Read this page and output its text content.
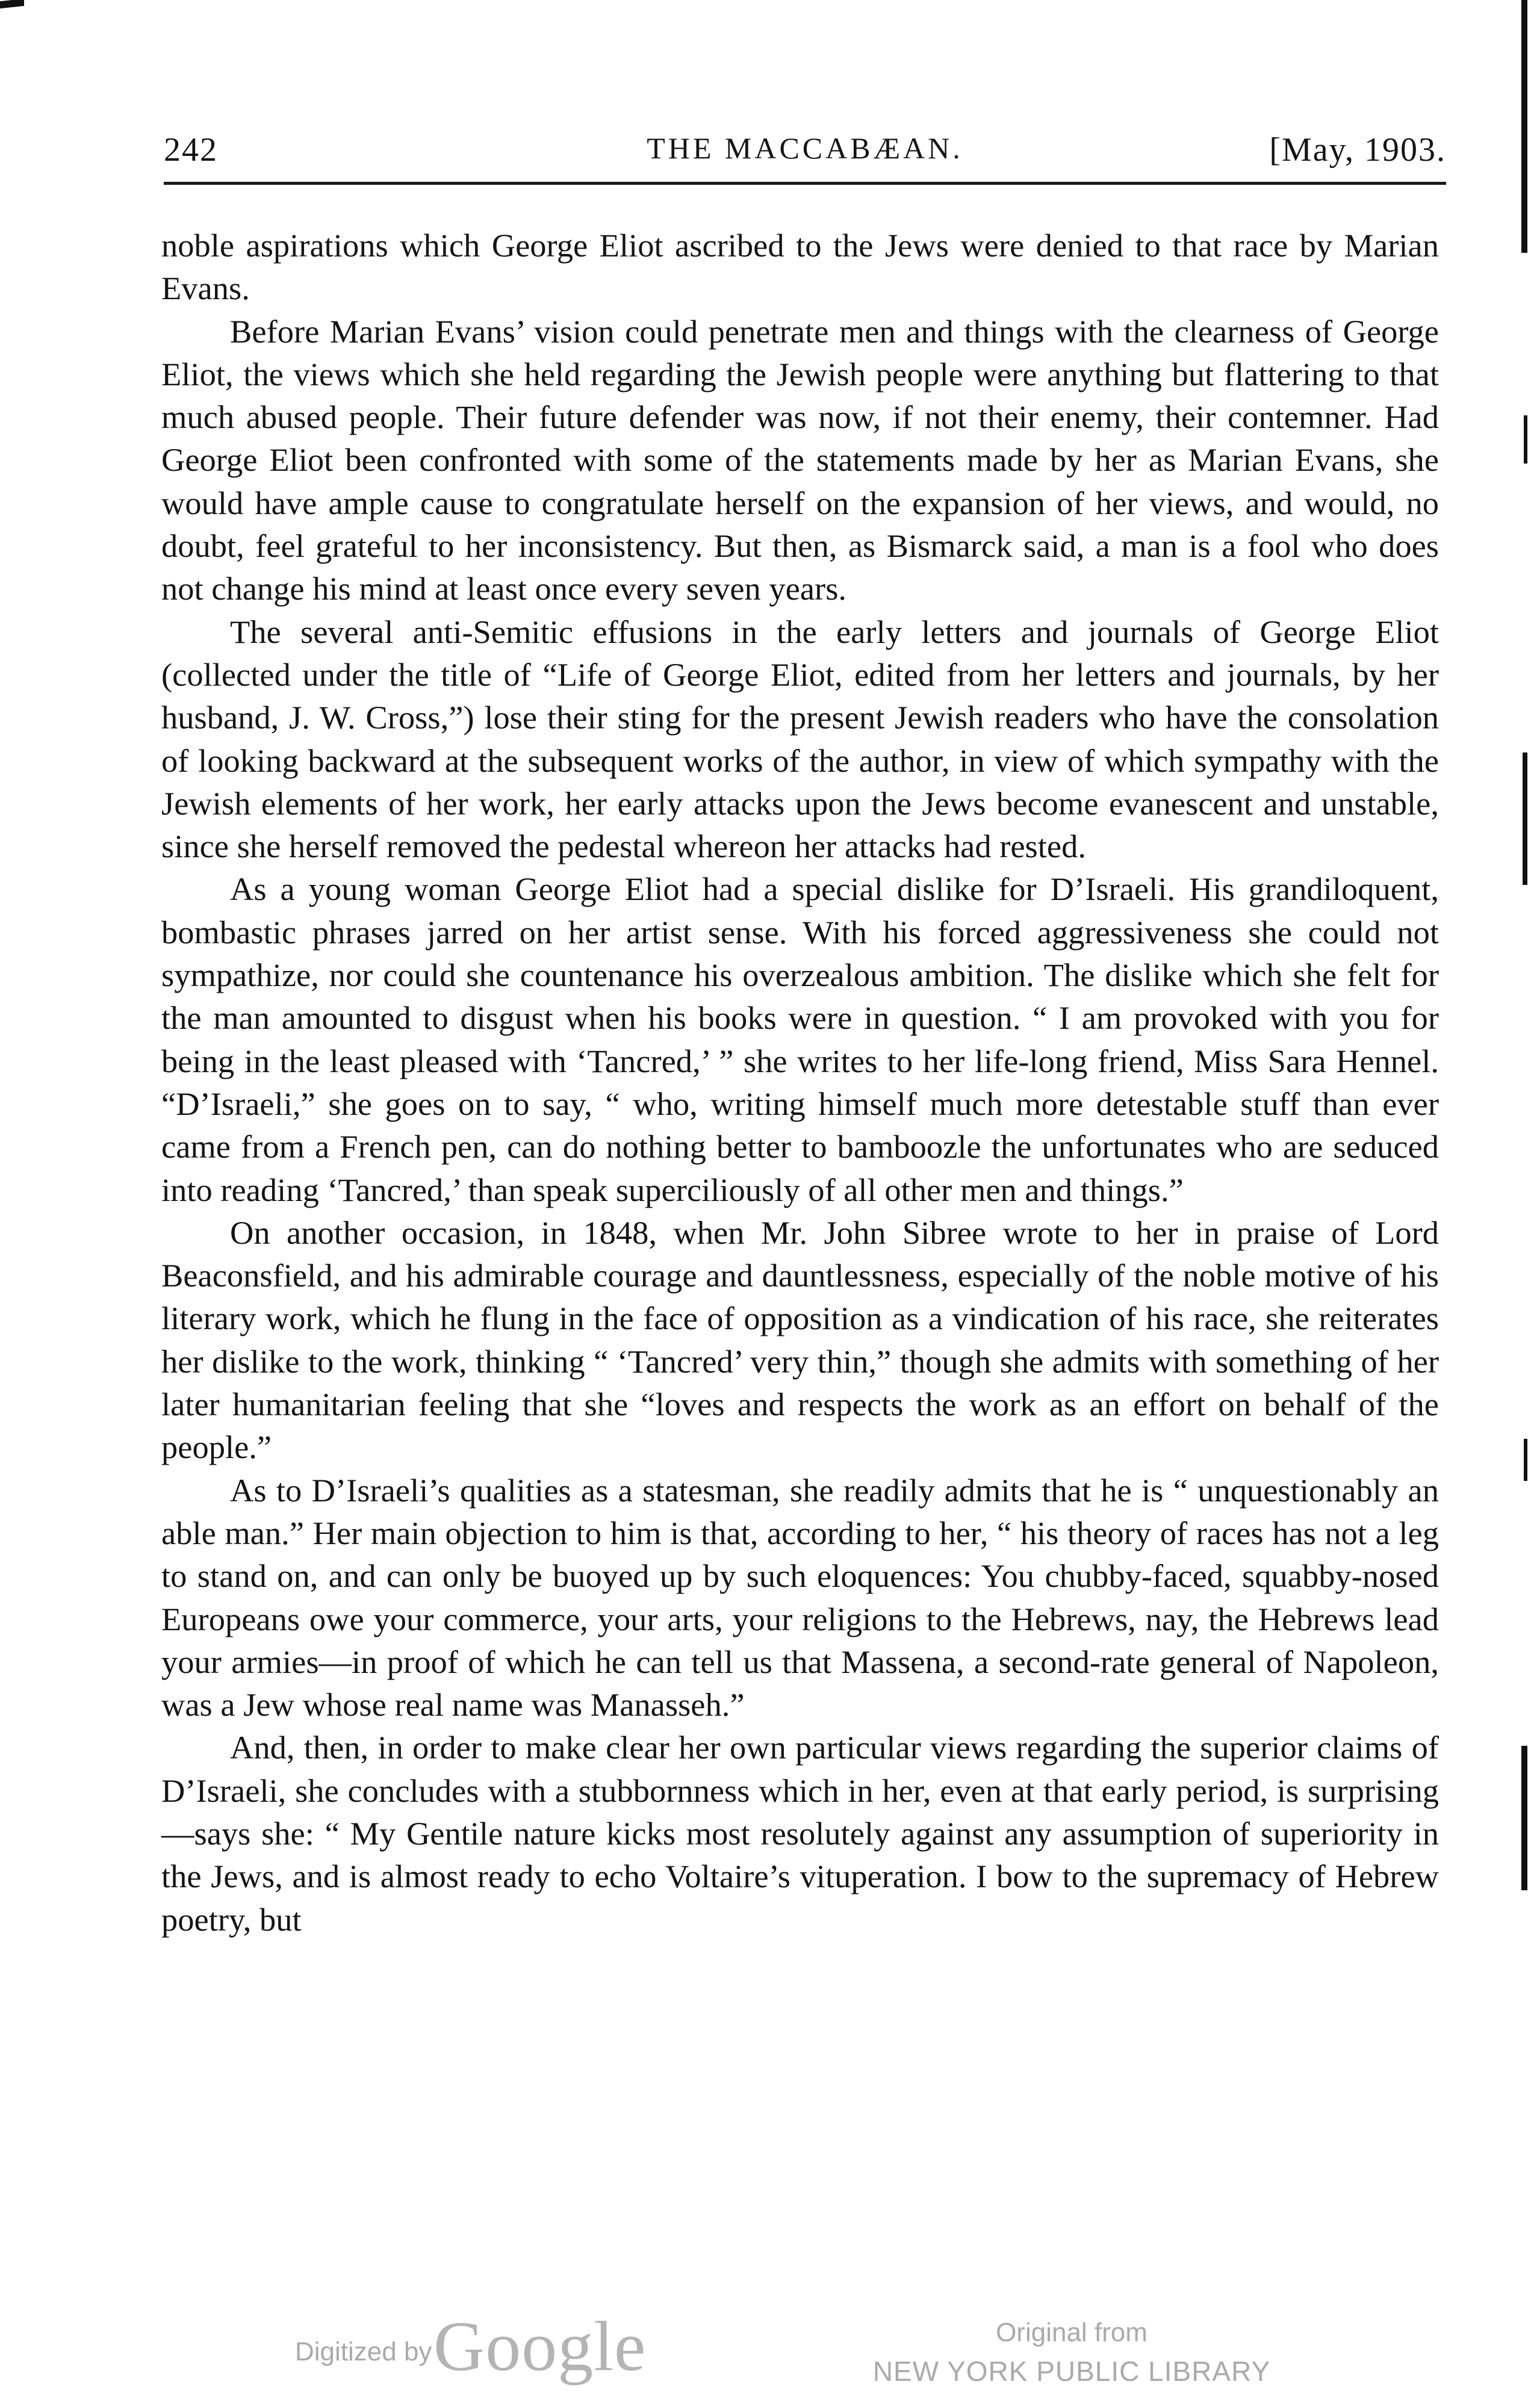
242	THE MACCABÆAN.	[May, 1903.

noble aspirations which George Eliot ascribed to the Jews were denied to that race by Marian Evans.

Before Marian Evans’ vision could penetrate men and things with the clearness of George Eliot, the views which she held regarding the Jewish people were anything but flattering to that much abused people. Their future defender was now, if not their enemy, their contemner. Had George Eliot been confronted with some of the statements made by her as Marian Evans, she would have ample cause to congratulate herself on the expansion of her views, and would, no doubt, feel grateful to her inconsistency. But then, as Bismarck said, a man is a fool who does not change his mind at least once every seven years.

The several anti-Semitic effusions in the early letters and journals of George Eliot (collected under the title of “Life of George Eliot, edited from her letters and journals, by her husband, J. W. Cross,”) lose their sting for the present Jewish readers who have the consolation of looking backward at the subsequent works of the author, in view of which sympathy with the Jewish elements of her work, her early attacks upon the Jews become evanescent and unstable, since she herself removed the pedestal whereon her attacks had rested.

As a young woman George Eliot had a special dislike for D’Israeli. His grandiloquent, bombastic phrases jarred on her artist sense. With his forced aggressiveness she could not sympathize, nor could she countenance his overzealous ambition. The dislike which she felt for the man amounted to disgust when his books were in question. “ I am provoked with you for being in the least pleased with ‘Tancred,’ ” she writes to her life-long friend, Miss Sara Hennel. “D’Israeli,” she goes on to say, “ who, writing himself much more detestable stuff than ever came from a French pen, can do nothing better to bamboozle the unfortunates who are seduced into reading ‘Tancred,’ than speak superciliously of all other men and things.”

On another occasion, in 1848, when Mr. John Sibree wrote to her in praise of Lord Beaconsfield, and his admirable courage and dauntlessness, especially of the noble motive of his literary work, which he flung in the face of opposition as a vindication of his race, she reiterates her dislike to the work, thinking “ ‘Tancred’ very thin,” though she admits with something of her later humanitarian feeling that she “loves and respects the work as an effort on behalf of the people.”

As to D’Israeli’s qualities as a statesman, she readily admits that he is “ unquestionably an able man.” Her main objection to him is that, according to her, “ his theory of races has not a leg to stand on, and can only be buoyed up by such eloquences: You chubby-faced, squabby-nosed Europeans owe your commerce, your arts, your religions to the Hebrews, nay, the Hebrews lead your armies—in proof of which he can tell us that Massena, a second-rate general of Napoleon, was a Jew whose real name was Manasseh.”

And, then, in order to make clear her own particular views regarding the superior claims of D’Israeli, she concludes with a stubbornness which in her, even at that early period, is surprising—says she: “ My Gentile nature kicks most resolutely against any assumption of superiority in the Jews, and is almost ready to echo Voltaire’s vituperation. I bow to the supremacy of Hebrew poetry, but

Digitized by Google	Original from
NEW YORK PUBLIC LIBRARY
